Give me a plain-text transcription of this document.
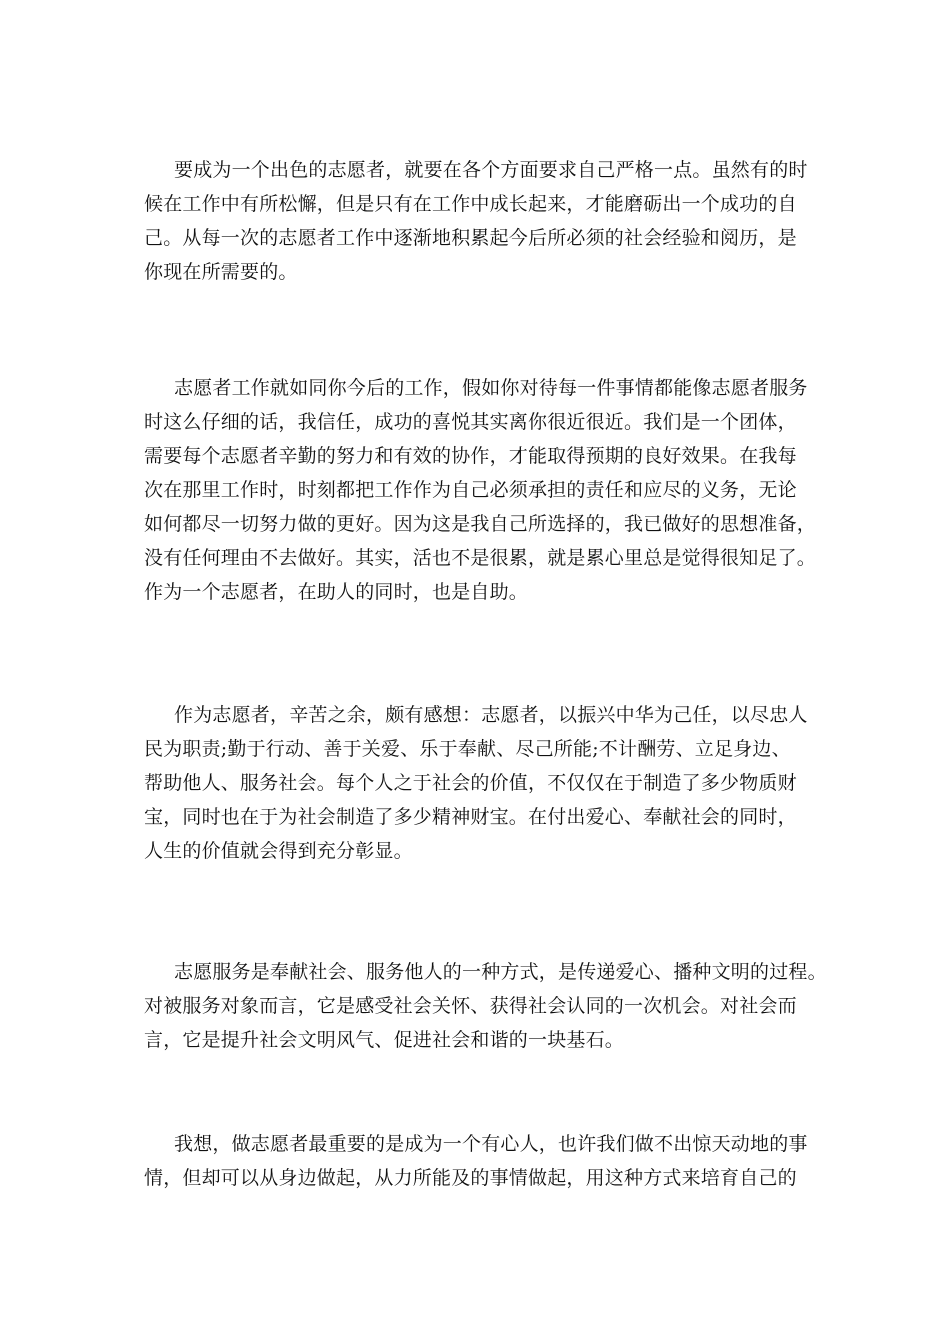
要成为一个出色的志愿者，就要在各个方面要求自己严格一点。虽然有的时
候在工作中有所松懈，但是只有在工作中成长起来，才能磨砺出一个成功的自
己。从每一次的志愿者工作中逐渐地积累起今后所必须的社会经验和阅历，是
你现在所需要的。
志愿者工作就如同你今后的工作，假如你对待每一件事情都能像志愿者服务
时这么仔细的话，我信任，成功的喜悦其实离你很近很近。我们是一个团体，
需要每个志愿者辛勤的努力和有效的协作，才能取得预期的良好效果。在我每
次在那里工作时，时刻都把工作作为自己必须承担的责任和应尽的义务，无论
如何都尽一切努力做的更好。因为这是我自己所选择的，我已做好的思想准备，
没有任何理由不去做好。其实，活也不是很累，就是累心里总是觉得很知足了。
作为一个志愿者，在助人的同时，也是自助。
作为志愿者，辛苦之余，颇有感想：志愿者，以振兴中华为己任，以尽忠人
民为职责;勤于行动、善于关爱、乐于奉献、尽己所能;不计酬劳、立足身边、
帮助他人、服务社会。每个人之于社会的价值，不仅仅在于制造了多少物质财
宝，同时也在于为社会制造了多少精神财宝。在付出爱心、奉献社会的同时，
人生的价值就会得到充分彰显。
志愿服务是奉献社会、服务他人的一种方式，是传递爱心、播种文明的过程。
对被服务对象而言，它是感受社会关怀、获得社会认同的一次机会。对社会而
言，它是提升社会文明风气、促进社会和谐的一块基石。
我想，做志愿者最重要的是成为一个有心人，也许我们做不出惊天动地的事
情，但却可以从身边做起，从力所能及的事情做起，用这种方式来培育自己的
